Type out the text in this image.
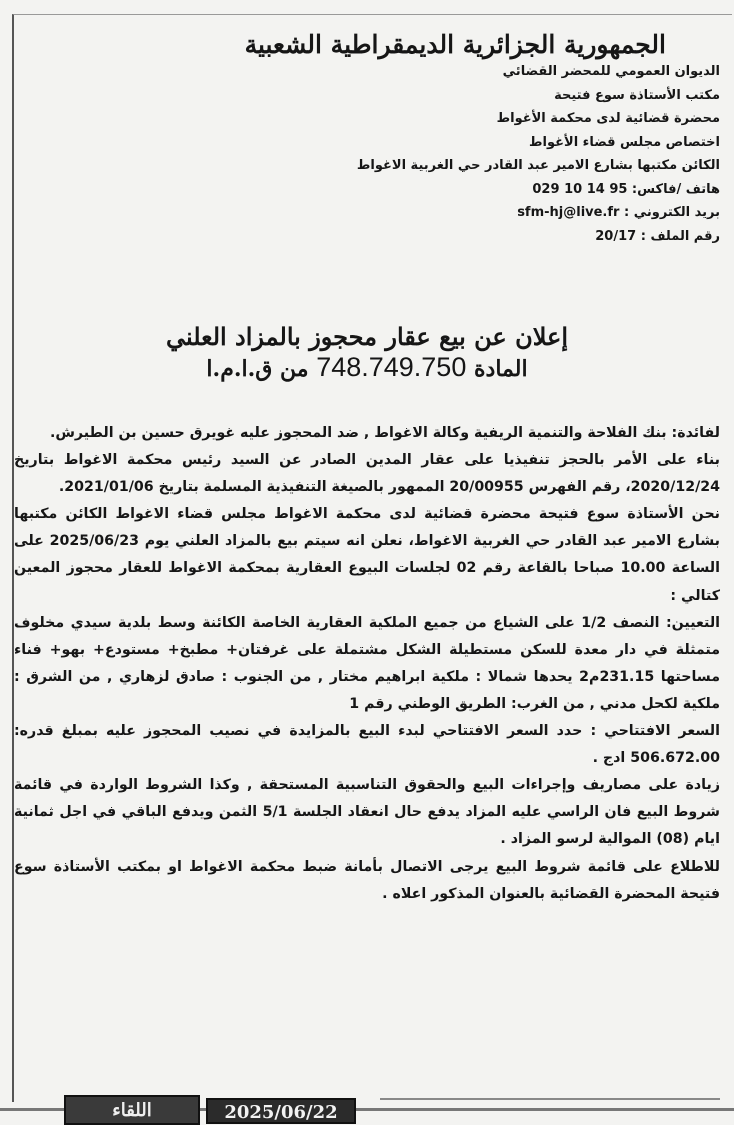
الجمهورية الجزائرية الديمقراطية الشعبية
الديوان العمومي للمحضر القضائي
مكتب الأستاذة سوع فتيحة
محضرة قضائية لدى محكمة الأغواط
اختصاص مجلس قضاء الأغواط
الكائن مكتبها بشارع الامير عبد القادر حي الغربية الاغواط
هاتف /فاكس: 95 14 10 029
بريد الكتروني : sfm-hj@live.fr
رقم الملف : 20/17
إعلان عن بيع عقار محجوز بالمزاد العلني
المادة 748.749.750 من ق.ا.م.ا

لفائدة: بنك الفلاحة والتنمية الريفية وكالة الاغواط , ضد المحجوز عليه غويرق حسين بن الطيرش.

بناء على الأمر بالحجز تنفيذيا على عقار المدين الصادر عن السيد رئيس محكمة الاغواط بتاريخ 2020/12/24، رقم الفهرس 20/00955 الممهور بالصيغة التنفيذية المسلمة بتاريخ 2021/01/06.

نحن الأستاذة سوع فتيحة محضرة قضائية لدى محكمة الاغواط مجلس قضاء الاغواط الكائن مكتبها بشارع الامير عبد القادر حي الغربية الاغواط، نعلن انه سيتم بيع بالمزاد العلني يوم 2025/06/23 على الساعة 10.00 صباحا بالقاعة رقم 02 لجلسات البيوع العقارية بمحكمة الاغواط للعقار محجوز المعين كتالي :

التعيين: النصف 1/2 على الشياع من جميع الملكية العقارية الخاصة الكائنة وسط بلدية سيدي مخلوف متمثلة في دار معدة للسكن مستطيلة الشكل مشتملة على غرفتان+ مطبخ+ مستودع+ بهو+ فناء مساحتها 231.15م2 يحدها شمالا : ملكية ابراهيم مختار , من الجنوب : صادق لزهاري , من الشرق : ملكية لكحل مدني , من الغرب: الطريق الوطني رقم 1

السعر الافتتاحي : حدد السعر الافتتاحي لبدء البيع بالمزايدة في نصيب المحجوز عليه بمبلغ قدره: 506.672.00 ادج .

زيادة على مصاريف وإجراءات البيع والحقوق التناسبية المستحقة , وكذا الشروط الواردة في قائمة شروط البيع فان الراسي عليه المزاد يدفع حال انعقاد الجلسة 5/1 الثمن ويدفع الباقي في اجل ثمانية ايام (08) الموالية لرسو المزاد .

للاطلاع على قائمة شروط البيع يرجى الاتصال بأمانة ضبط محكمة الاغواط او بمكتب الأستاذة سوع فتيحة المحضرة القضائية بالعنوان المذكور اعلاه .

اللقاء	2025/06/22
